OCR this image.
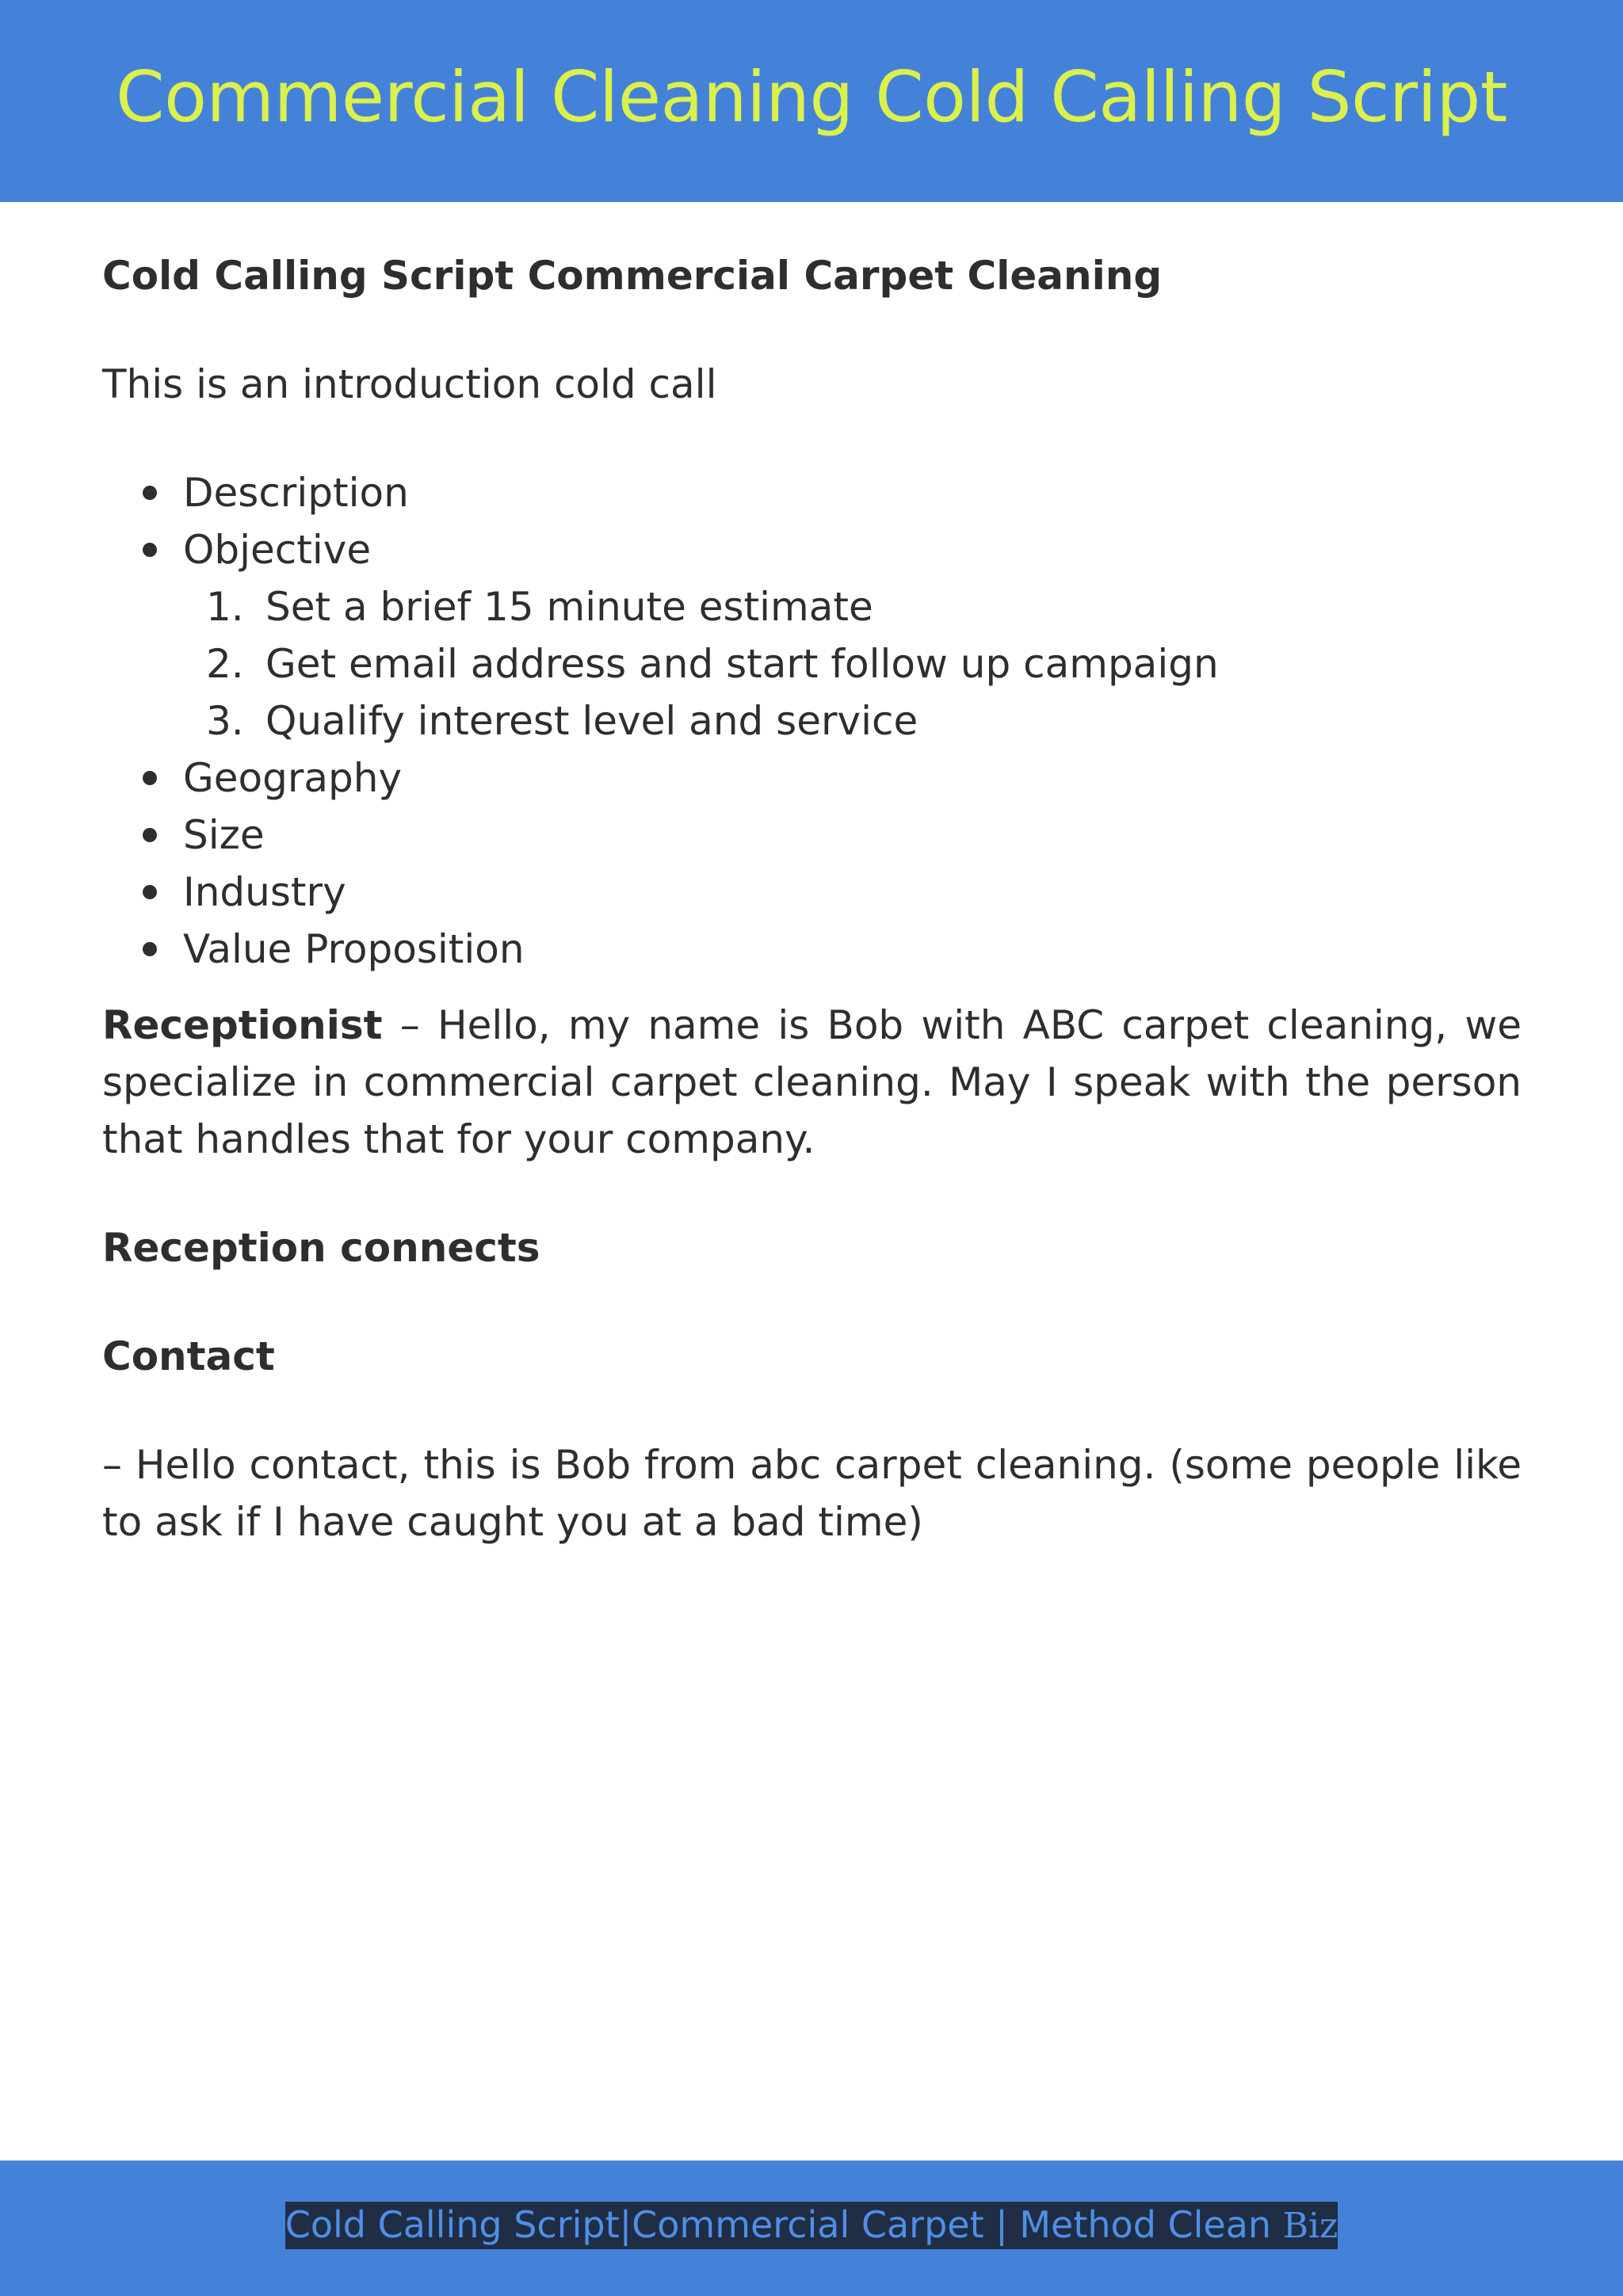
Commercial Cleaning Cold Calling Script

Cold Calling Script Commercial Carpet Cleaning

This is an introduction cold call

Description
Objective
1. Set a brief 15 minute estimate
2. Get email address and start follow up campaign
3. Qualify interest level and service
Geography
Size
Industry
Value Proposition

Receptionist – Hello, my name is Bob with ABC carpet cleaning, we specialize in commercial carpet cleaning. May I speak with the person that handles that for your company.

Reception connects

Contact

– Hello contact, this is Bob from abc carpet cleaning. (some people like to ask if I have caught you at a bad time)

Cold Calling Script|Commercial Carpet | Method Clean Biz
